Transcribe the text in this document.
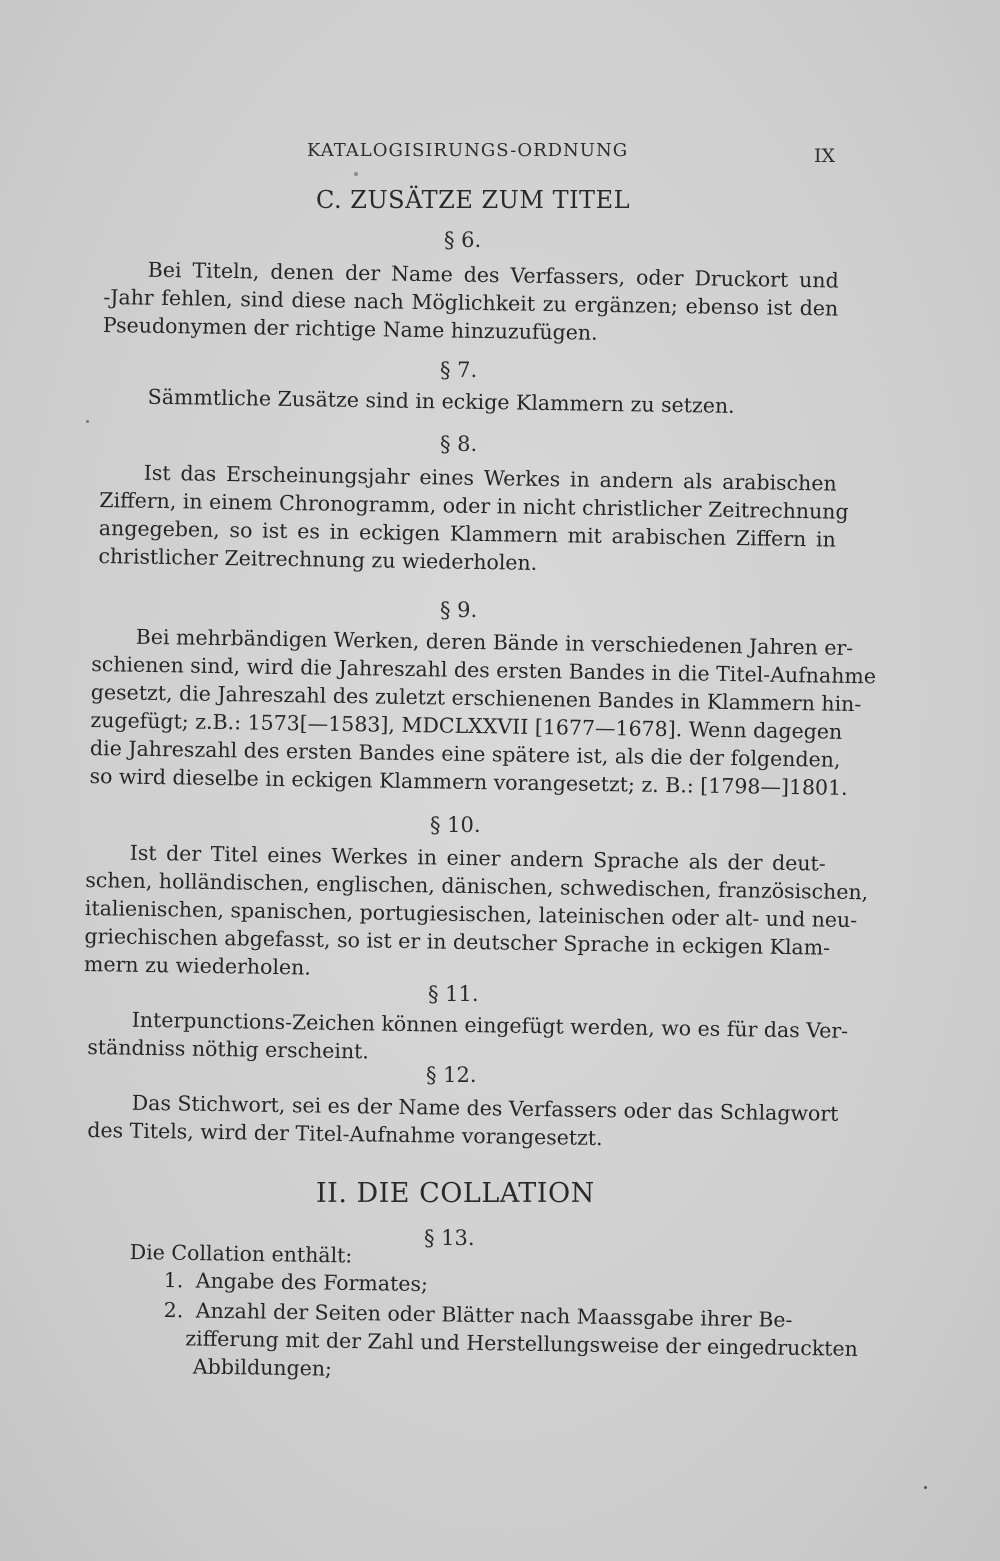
KATALOGISIRUNGS-ORDNUNG	IX
C. ZUSÄTZE ZUM TITEL
§ 6.
Bei Titeln, denen der Name des Verfassers, oder Druckort und
-Jahr fehlen, sind diese nach Möglichkeit zu ergänzen; ebenso ist den
Pseudonymen der richtige Name hinzuzufügen.
§ 7.
Sämmtliche Zusätze sind in eckige Klammern zu setzen.
§ 8.
Ist das Erscheinungsjahr eines Werkes in andern als arabischen
Ziffern, in einem Chronogramm, oder in nicht christlicher Zeitrechnung
angegeben, so ist es in eckigen Klammern mit arabischen Ziffern in
christlicher Zeitrechnung zu wiederholen.
§ 9.
Bei mehrbändigen Werken, deren Bände in verschiedenen Jahren er-
schienen sind, wird die Jahreszahl des ersten Bandes in die Titel-Aufnahme
gesetzt, die Jahreszahl des zuletzt erschienenen Bandes in Klammern hin-
zugefügt; z.B.: 1573[—1583], MDCLXXVII [1677—1678]. Wenn dagegen
die Jahreszahl des ersten Bandes eine spätere ist, als die der folgenden,
so wird dieselbe in eckigen Klammern vorangesetzt; z. B.: [1798—]1801.
§ 10.
Ist der Titel eines Werkes in einer andern Sprache als der deut-
schen, holländischen, englischen, dänischen, schwedischen, französischen,
italienischen, spanischen, portugiesischen, lateinischen oder alt- und neu-
griechischen abgefasst, so ist er in deutscher Sprache in eckigen Klam-
mern zu wiederholen.
§ 11.
Interpunctions-Zeichen können eingefügt werden, wo es für das Ver-
ständniss nöthig erscheint.
§ 12.
Das Stichwort, sei es der Name des Verfassers oder das Schlagwort
des Titels, wird der Titel-Aufnahme vorangesetzt.
II. DIE COLLATION
§ 13.
Die Collation enthält:
1. Angabe des Formates;
2. Anzahl der Seiten oder Blätter nach Maassgabe ihrer Be-
zifferung mit der Zahl und Herstellungsweise der eingedruckten
Abbildungen;
